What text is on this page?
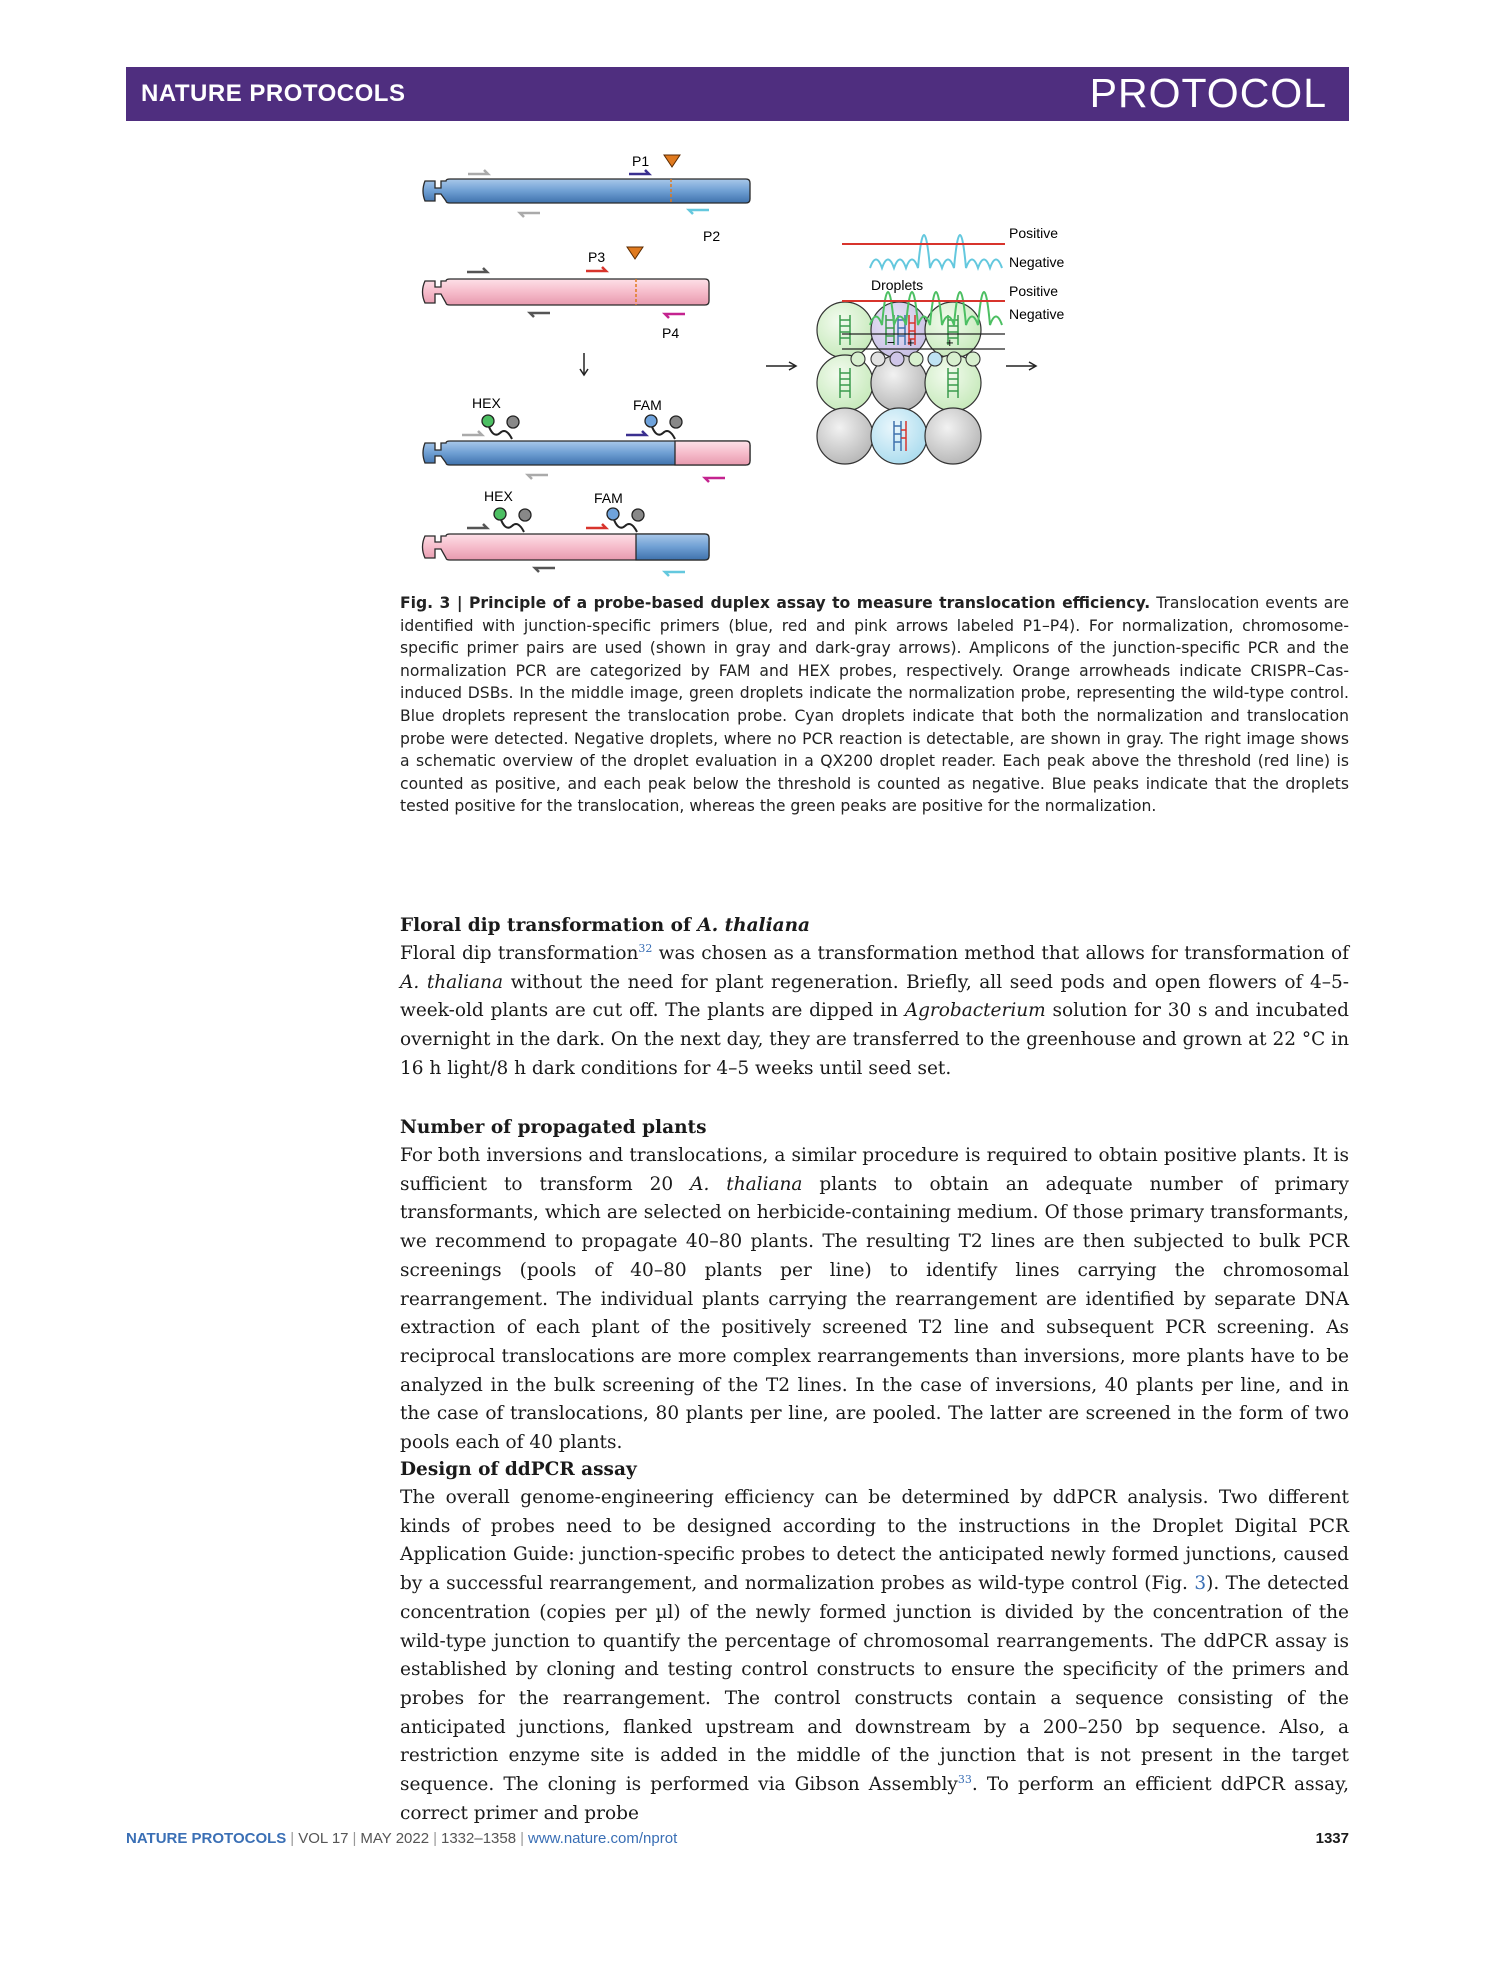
NATURE PROTOCOLS	PROTOCOL
P1
P2
P3
P4
HEX	FAM
HEX	FAM
Droplets
Positive
Negative
Positive
Negative
− + +
Fig. 3 | Principle of a probe-based duplex assay to measure translocation efficiency. Translocation events are identified with junction-specific primers (blue, red and pink arrows labeled P1–P4). For normalization, chromosome-specific primer pairs are used (shown in gray and dark-gray arrows). Amplicons of the junction-specific PCR and the normalization PCR are categorized by FAM and HEX probes, respectively. Orange arrowheads indicate CRISPR–Cas-induced DSBs. In the middle image, green droplets indicate the normalization probe, representing the wild-type control. Blue droplets represent the translocation probe. Cyan droplets indicate that both the normalization and translocation probe were detected. Negative droplets, where no PCR reaction is detectable, are shown in gray. The right image shows a schematic overview of the droplet evaluation in a QX200 droplet reader. Each peak above the threshold (red line) is counted as positive, and each peak below the threshold is counted as negative. Blue peaks indicate that the droplets tested positive for the translocation, whereas the green peaks are positive for the normalization.
Floral dip transformation of A. thaliana

Floral dip transformation$^{32}$ was chosen as a transformation method that allows for transformation of A. thaliana without the need for plant regeneration. Briefly, all seed pods and open flowers of 4–5-week-old plants are cut off. The plants are dipped in Agrobacterium solution for 30 s and incubated overnight in the dark. On the next day, they are transferred to the greenhouse and grown at 22 °C in 16 h light/8 h dark conditions for 4–5 weeks until seed set.

Number of propagated plants

For both inversions and translocations, a similar procedure is required to obtain positive plants. It is sufficient to transform 20 A. thaliana plants to obtain an adequate number of primary transformants, which are selected on herbicide-containing medium. Of those primary transformants, we recommend to propagate 40–80 plants. The resulting T2 lines are then subjected to bulk PCR screenings (pools of 40–80 plants per line) to identify lines carrying the chromosomal rearrangement. The individual plants carrying the rearrangement are identified by separate DNA extraction of each plant of the positively screened T2 line and subsequent PCR screening. As reciprocal translocations are more complex rearrangements than inversions, more plants have to be analyzed in the bulk screening of the T2 lines. In the case of inversions, 40 plants per line, and in the case of translocations, 80 plants per line, are pooled. The latter are screened in the form of two pools each of 40 plants.

Design of ddPCR assay

The overall genome-engineering efficiency can be determined by ddPCR analysis. Two different kinds of probes need to be designed according to the instructions in the Droplet Digital PCR Application Guide: junction-specific probes to detect the anticipated newly formed junctions, caused by a successful rearrangement, and normalization probes as wild-type control (Fig. 3). The detected concentration (copies per µl) of the newly formed junction is divided by the concentration of the wild-type junction to quantify the percentage of chromosomal rearrangements. The ddPCR assay is established by cloning and testing control constructs to ensure the specificity of the primers and probes for the rearrangement. The control constructs contain a sequence consisting of the anticipated junctions, flanked upstream and downstream by a 200–250 bp sequence. Also, a restriction enzyme site is added in the middle of the junction that is not present in the target sequence. The cloning is performed via Gibson Assembly$^{33}$. To perform an efficient ddPCR assay, correct primer and probe

NATURE PROTOCOLS | VOL 17 | MAY 2022 | 1332–1358 | www.nature.com/nprot	1337
